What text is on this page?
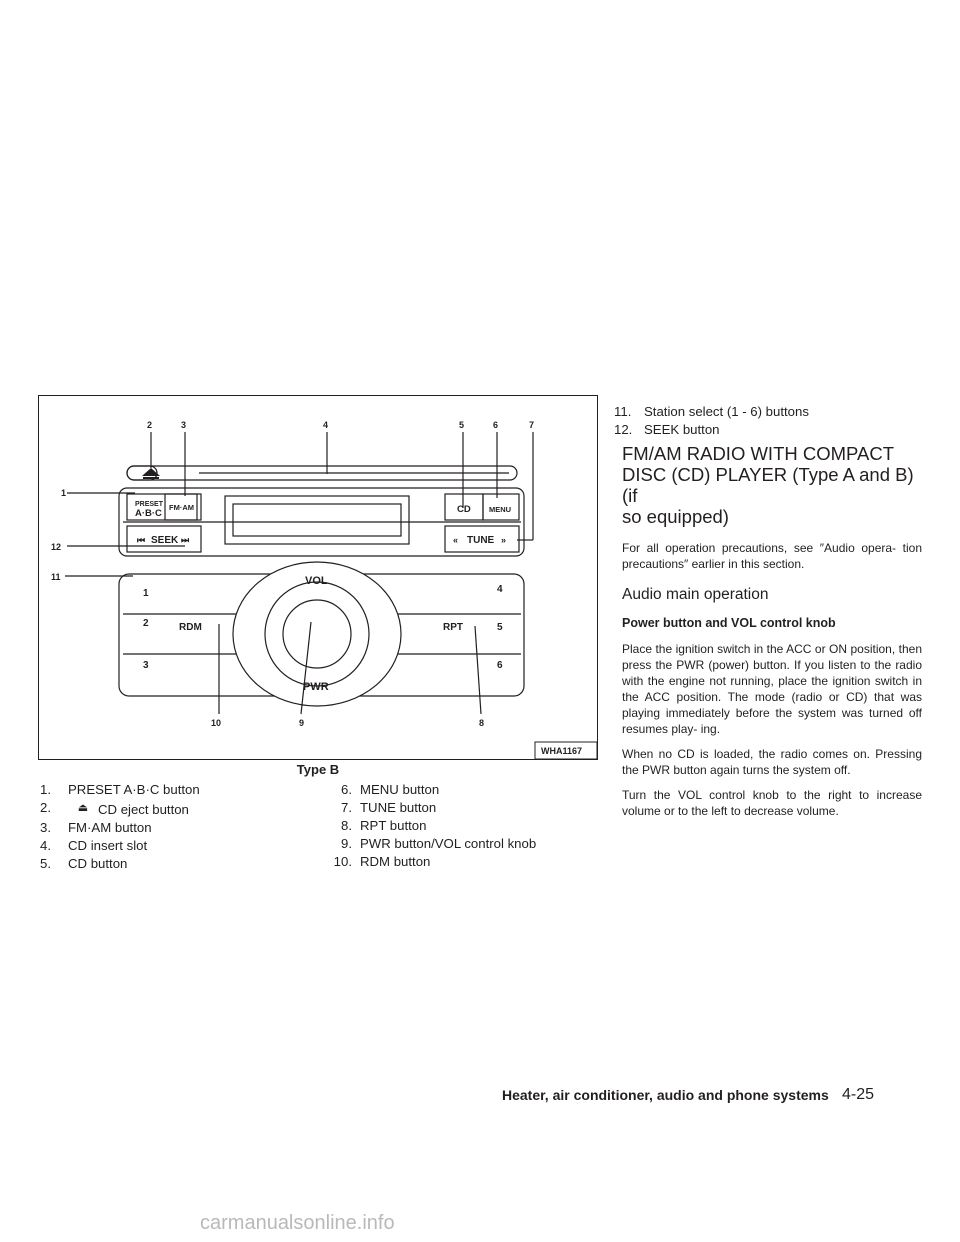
PRESET
A·B·C
FM·AM	CD MENU
SEEK
⏮	⏭	TUNE
«	»
VOL
PWR
RDM	RPT
1
2
3
4
5
6
1
2	3	4	5	6	7
8
9
10
11
12
WHA1167
Type B
1.	PRESET A·B·C button
2.	⏏ CD eject button
3.	FM·AM button
4.	CD insert slot
5.	CD button
6. MENU button
7. TUNE button
8. RPT button
9. PWR button/VOL control knob
10. RDM button
11. Station select (1 - 6) buttons
12. SEEK button
FM/AM RADIO WITH COMPACT
DISC (CD) PLAYER (Type A and B) (if
so equipped)

For all operation precautions, see ″Audio opera- tion precautions″ earlier in this section.

Audio main operation
Power button and VOL control knob

Place the ignition switch in the ACC or ON position, then press the PWR (power) button. If you listen to the radio with the engine not running, place the ignition switch in the ACC position. The mode (radio or CD) that was playing immediately before the system was turned off resumes play- ing.

When no CD is loaded, the radio comes on. Pressing the PWR button again turns the system off.

Turn the VOL control knob to the right to increase volume or to the left to decrease volume.

Heater, air conditioner, audio and phone systems 4-25
carmanualsonline.info
